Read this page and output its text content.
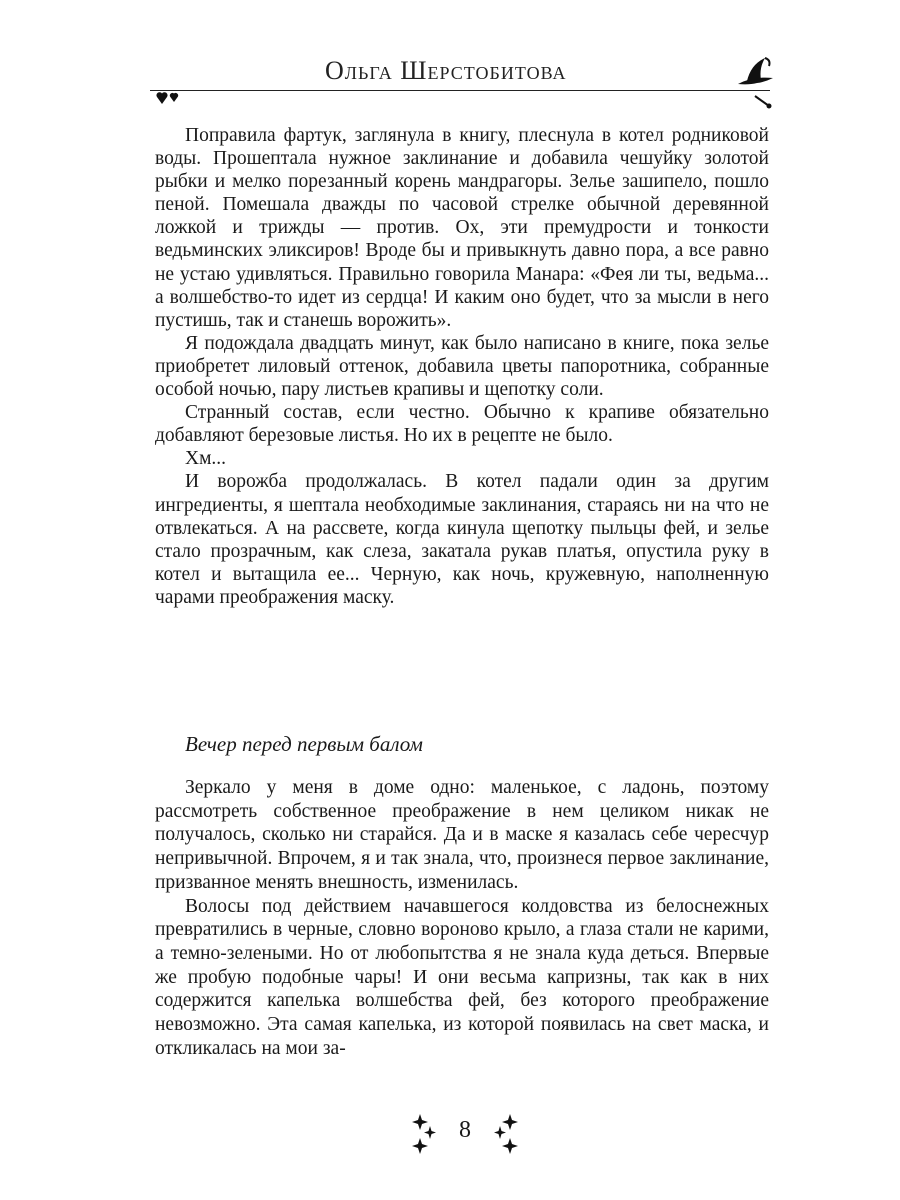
Ольга Шерстобитова

Поправила фартук, заглянула в книгу, плеснула в котел родниковой воды. Прошептала нужное заклинание и добавила чешуйку золотой рыбки и мелко порезанный корень мандрагоры. Зелье зашипело, пошло пеной. Помешала дважды по часовой стрелке обычной деревянной ложкой и трижды — против. Ох, эти премудрости и тонкости ведьминских эликсиров! Вроде бы и привыкнуть давно пора, а все равно не устаю удивляться. Правильно говорила Манара: «Фея ли ты, ведьма... а волшебство-то идет из сердца! И каким оно будет, что за мысли в него пустишь, так и станешь ворожить».

Я подождала двадцать минут, как было написано в книге, пока зелье приобретет лиловый оттенок, добавила цветы папоротника, собранные особой ночью, пару листьев крапивы и щепотку соли.

Странный состав, если честно. Обычно к крапиве обязательно добавляют березовые листья. Но их в рецепте не было.

Хм...

И ворожба продолжалась. В котел падали один за другим ингредиенты, я шептала необходимые заклинания, стараясь ни на что не отвлекаться. А на рассвете, когда кинула щепотку пыльцы фей, и зелье стало прозрачным, как слеза, закатала рукав платья, опустила руку в котел и вытащила ее... Черную, как ночь, кружевную, наполненную чарами преображения маску.

Вечер перед первым балом

Зеркало у меня в доме одно: маленькое, с ладонь, поэтому рассмотреть собственное преображение в нем целиком никак не получалось, сколько ни старайся. Да и в маске я казалась себе чересчур непривычной. Впрочем, я и так знала, что, произнеся первое заклинание, призванное менять внешность, изменилась.

Волосы под действием начавшегося колдовства из белоснежных превратились в черные, словно вороново крыло, а глаза стали не карими, а темно-зелеными. Но от любопытства я не знала куда деться. Впервые же пробую подобные чары! И они весьма капризны, так как в них содержится капелька волшебства фей, без которого преображение невозможно. Эта самая капелька, из которой появилась на свет маска, и откликалась на мои за-

8
